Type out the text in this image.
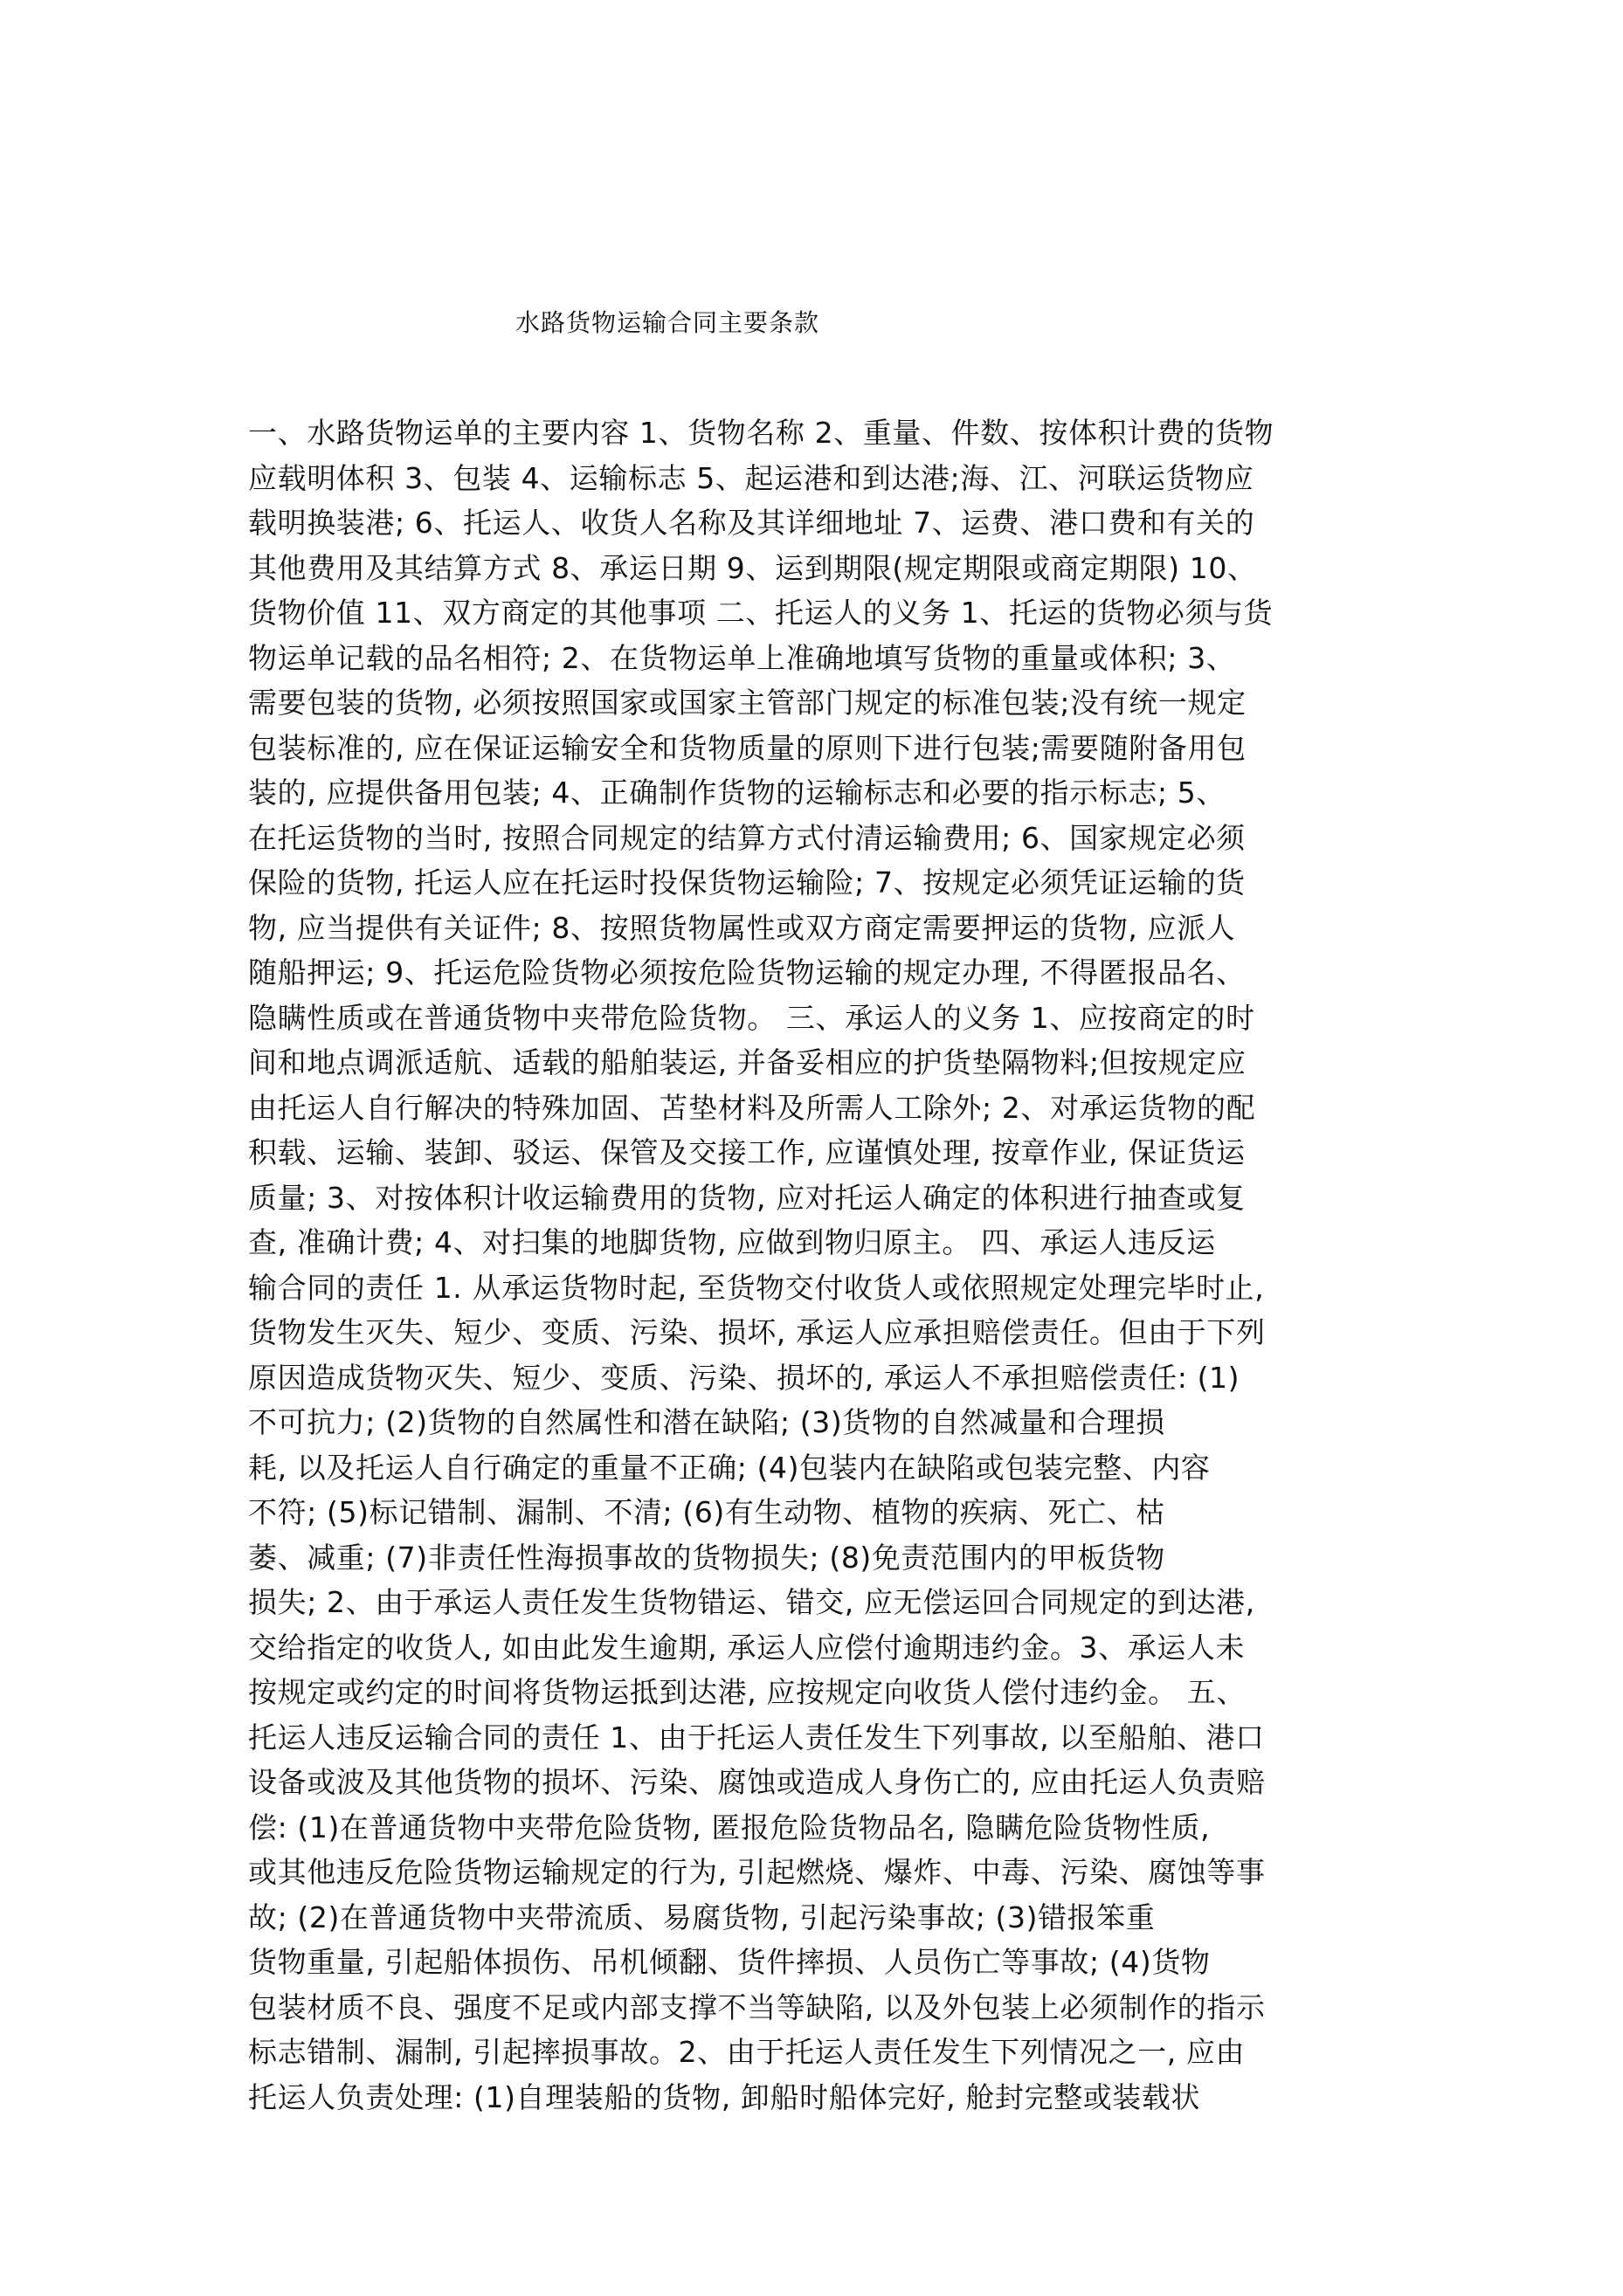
水路货物运输合同主要条款
一、水路货物运单的主要内容 1、货物名称 2、重量、件数、按体积计费的货物
应载明体积 3、包装 4、运输标志 5、起运港和到达港;海、江、河联运货物应
载明换装港; 6、托运人、收货人名称及其详细地址 7、运费、港口费和有关的
其他费用及其结算方式 8、承运日期 9、运到期限(规定期限或商定期限) 10、
货物价值 11、双方商定的其他事项 二、托运人的义务 1、托运的货物必须与货
物运单记载的品名相符; 2、在货物运单上准确地填写货物的重量或体积; 3、
需要包装的货物, 必须按照国家或国家主管部门规定的标准包装;没有统一规定
包装标准的, 应在保证运输安全和货物质量的原则下进行包装;需要随附备用包
装的, 应提供备用包装; 4、正确制作货物的运输标志和必要的指示标志; 5、
在托运货物的当时, 按照合同规定的结算方式付清运输费用; 6、国家规定必须
保险的货物, 托运人应在托运时投保货物运输险; 7、按规定必须凭证运输的货
物, 应当提供有关证件; 8、按照货物属性或双方商定需要押运的货物, 应派人
随船押运; 9、托运危险货物必须按危险货物运输的规定办理, 不得匿报品名、
隐瞒性质或在普通货物中夹带危险货物。 三、承运人的义务 1、应按商定的时
间和地点调派适航、适载的船舶装运, 并备妥相应的护货垫隔物料;但按规定应
由托运人自行解决的特殊加固、苫垫材料及所需人工除外; 2、对承运货物的配
积载、运输、装卸、驳运、保管及交接工作, 应谨慎处理, 按章作业, 保证货运
质量; 3、对按体积计收运输费用的货物, 应对托运人确定的体积进行抽查或复
查, 准确计费; 4、对扫集的地脚货物, 应做到物归原主。 四、承运人违反运
输合同的责任 1. 从承运货物时起, 至货物交付收货人或依照规定处理完毕时止,
货物发生灭失、短少、变质、污染、损坏, 承运人应承担赔偿责任。但由于下列
原因造成货物灭失、短少、变质、污染、损坏的, 承运人不承担赔偿责任: (1)
不可抗力; (2)货物的自然属性和潜在缺陷; (3)货物的自然减量和合理损
耗, 以及托运人自行确定的重量不正确; (4)包装内在缺陷或包装完整、内容
不符; (5)标记错制、漏制、不清; (6)有生动物、植物的疾病、死亡、枯
萎、减重; (7)非责任性海损事故的货物损失; (8)免责范围内的甲板货物
损失; 2、由于承运人责任发生货物错运、错交, 应无偿运回合同规定的到达港,
交给指定的收货人, 如由此发生逾期, 承运人应偿付逾期违约金。3、承运人未
按规定或约定的时间将货物运抵到达港, 应按规定向收货人偿付违约金。 五、
托运人违反运输合同的责任 1、由于托运人责任发生下列事故, 以至船舶、港口
设备或波及其他货物的损坏、污染、腐蚀或造成人身伤亡的, 应由托运人负责赔
偿: (1)在普通货物中夹带危险货物, 匿报危险货物品名, 隐瞒危险货物性质,
或其他违反危险货物运输规定的行为, 引起燃烧、爆炸、中毒、污染、腐蚀等事
故; (2)在普通货物中夹带流质、易腐货物, 引起污染事故; (3)错报笨重
货物重量, 引起船体损伤、吊机倾翻、货件摔损、人员伤亡等事故; (4)货物
包装材质不良、强度不足或内部支撑不当等缺陷, 以及外包装上必须制作的指示
标志错制、漏制, 引起摔损事故。2、由于托运人责任发生下列情况之一, 应由
托运人负责处理: (1)自理装船的货物, 卸船时船体完好, 舱封完整或装载状
